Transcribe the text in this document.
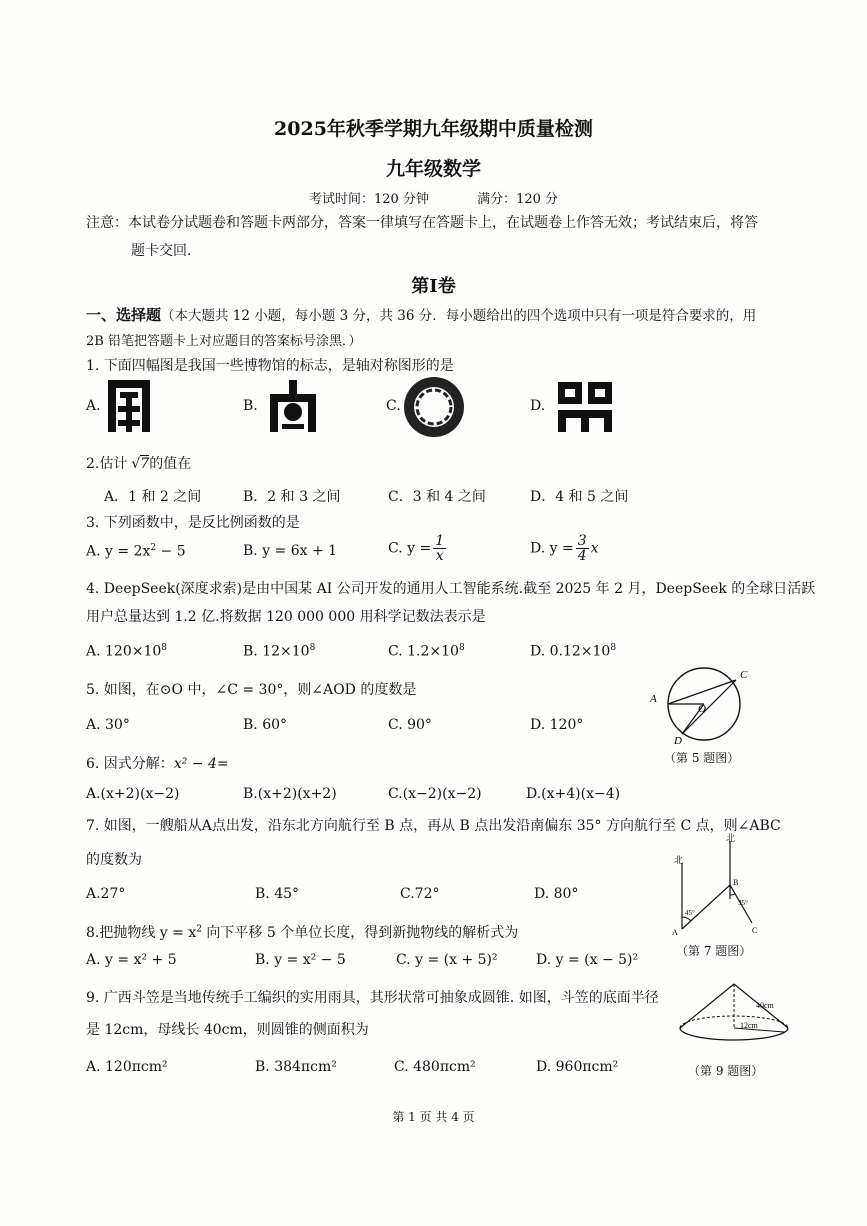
2025年秋季学期九年级期中质量检测
九年级数学
考试时间：120 分钟	满分：120 分
注意：本试卷分试题卷和答题卡两部分，答案一律填写在答题卡上，在试题卷上作答无效；考试结束后，将答
题卡交回.
第Ⅰ卷
一、选择题（本大题共 12 小题，每小题 3 分，共 36 分．每小题给出的四个选项中只有一项是符合要求的，用
2B 铅笔把答题卡上对应题目的答案标号涂黑．）
1. 下面四幅图是我国一些博物馆的标志，是轴对称图形的是
A.	B.	C.	D.
2.估计 √7的值在
A．1 和 2 之间	B．2 和 3 之间	C．3 和 4 之间	D．4 和 5 之间
3. 下列函数中，是反比例函数的是
A. $y = 2x^2 - 5$	B. y = 6x + 1	C. $y = \frac{1}{x}$	D. $y = \frac{3}{4}$ x
4. DeepSeek(深度求索)是由中国某 AI 公司开发的通用人工智能系统.截至 2025 年 2 月，DeepSeek 的全球日活跃
用户总量达到 1.2 亿.将数据 120 000 000 用科学记数法表示是
A. $120\times 10^8$	B. $12\times 10^8$	C. $1.2\times 10^8$	D. $0.12\times 10^8$
5. 如图，在⊙O 中，∠C = 30°，则∠AOD 的度数是
A. 30°	B. 60°	C. 90°	D. 120°
A
C
O
D
（第 5 题图）
6. 因式分解：x² − 4=
A.(x+2)(x−2)	B.(x+2)(x+2)	C.(x−2)(x−2)	D.(x+4)(x−4)
7. 如图，一艘船从A点出发，沿东北方向航行至 B 点，再从 B 点出发沿南偏东 35° 方向航行至 C 点，则∠ABC
的度数为
A.27°	B. 45°	C.72°	D. 80°
北
北
A
B
C
45°
35°
（第 7 题图）
8.把抛物线 $y = x^2$ 向下平移 5 个单位长度，得到新抛物线的解析式为
A. y = x² + 5	B. y = x² − 5	C. y = (x + 5)²	D. y = (x − 5)²
9. 广西斗笠是当地传统手工编织的实用雨具，其形状常可抽象成圆锥. 如图，斗笠的底面半径
是 12cm，母线长 40cm，则圆锥的侧面积为
A. 120πcm²	B. 384πcm²	C. 480πcm²	D. 960πcm²
40cm
12cm
（第 9 题图）
第 1 页 共 4 页
